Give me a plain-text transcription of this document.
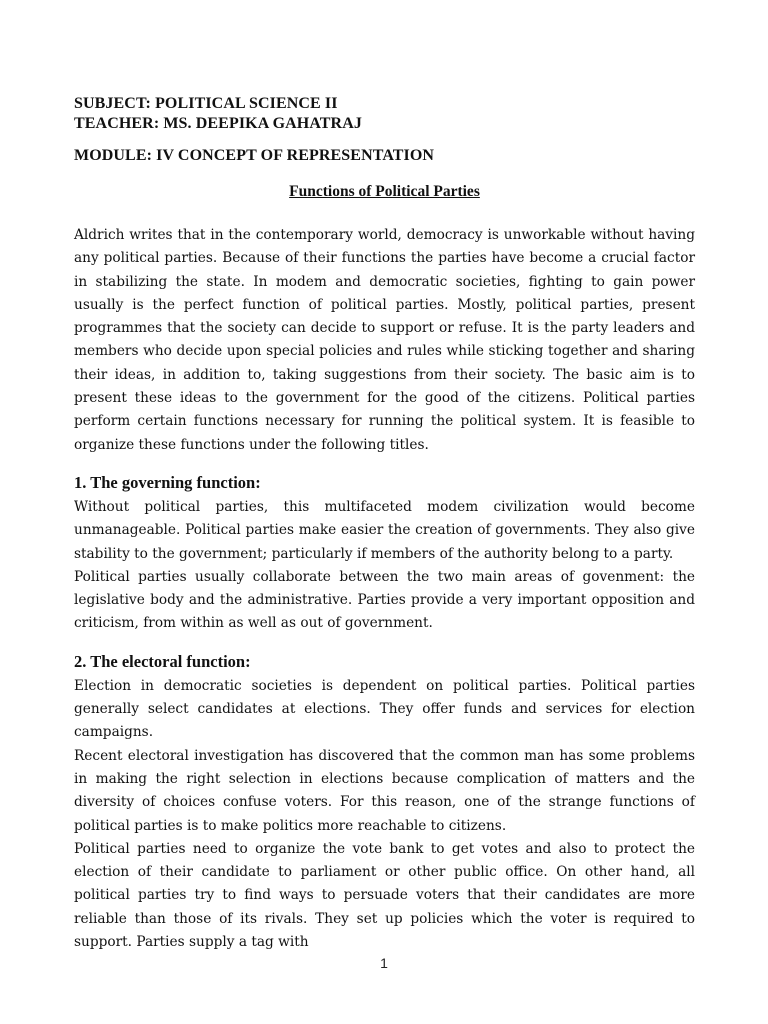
SUBJECT: POLITICAL SCIENCE II
TEACHER: MS. DEEPIKA GAHATRAJ
MODULE: IV CONCEPT OF REPRESENTATION
Functions of Political Parties

Aldrich writes that in the contemporary world, democracy is unworkable without having any political parties. Because of their functions the parties have become a crucial factor in stabilizing the state. In modem and democratic societies, fighting to gain power usually is the perfect function of political parties. Mostly, political parties, present programmes that the society can decide to support or refuse. It is the party leaders and members who decide upon special policies and rules while sticking together and sharing their ideas, in addition to, taking suggestions from their society. The basic aim is to present these ideas to the government for the good of the citizens. Political parties perform certain functions necessary for running the political system. It is feasible to organize these functions under the following titles.

1. The governing function:

Without political parties, this multifaceted modem civilization would become unmanageable. Political parties make easier the creation of governments. They also give stability to the government; particularly if members of the authority belong to a party.

Political parties usually collaborate between the two main areas of govenment: the legislative body and the administrative. Parties provide a very important opposition and criticism, from within as well as out of government.

2. The electoral function:

Election in democratic societies is dependent on political parties. Political parties generally select candidates at elections. They offer funds and services for election campaigns.

Recent electoral investigation has discovered that the common man has some problems in making the right selection in elections because complication of matters and the diversity of choices confuse voters. For this reason, one of the strange functions of political parties is to make politics more reachable to citizens.

Political parties need to organize the vote bank to get votes and also to protect the election of their candidate to parliament or other public office. On other hand, all political parties try to find ways to persuade voters that their candidates are more reliable than those of its rivals. They set up policies which the voter is required to support. Parties supply a tag with

1
